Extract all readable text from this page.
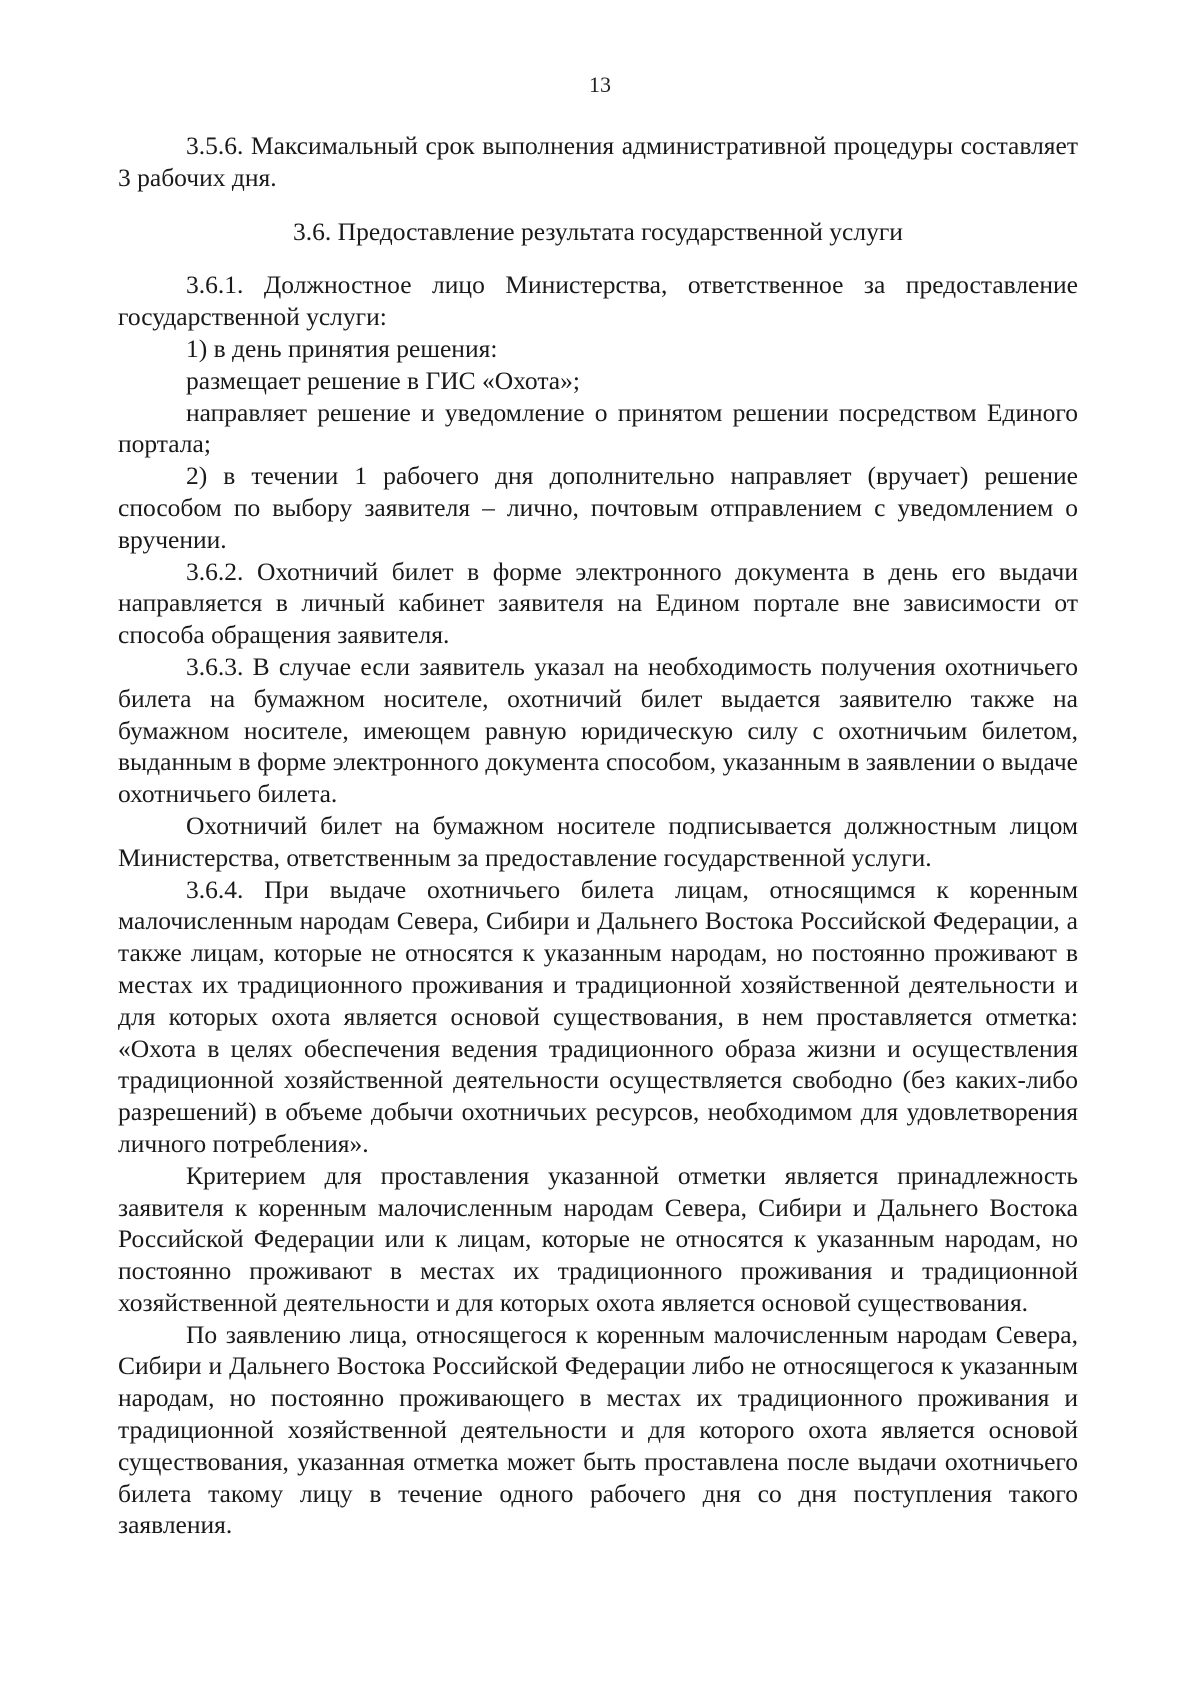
13

3.5.6. Максимальный срок выполнения административной процедуры составляет 3 рабочих дня.

3.6. Предоставление результата государственной услуги

3.6.1. Должностное лицо Министерства, ответственное за предоставление государственной услуги:

1) в день принятия решения:

размещает решение в ГИС «Охота»;

направляет решение и уведомление о принятом решении посредством Единого портала;

2) в течении 1 рабочего дня дополнительно направляет (вручает) решение способом по выбору заявителя – лично, почтовым отправлением с уведомлением о вручении.

3.6.2. Охотничий билет в форме электронного документа в день его выдачи направляется в личный кабинет заявителя на Едином портале вне зависимости от способа обращения заявителя.

3.6.3. В случае если заявитель указал на необходимость получения охотничьего билета на бумажном носителе, охотничий билет выдается заявителю также на бумажном носителе, имеющем равную юридическую силу с охотничьим билетом, выданным в форме электронного документа способом, указанным в заявлении о выдаче охотничьего билета.

Охотничий билет на бумажном носителе подписывается должностным лицом Министерства, ответственным за предоставление государственной услуги.

3.6.4. При выдаче охотничьего билета лицам, относящимся к коренным малочисленным народам Севера, Сибири и Дальнего Востока Российской Федерации, а также лицам, которые не относятся к указанным народам, но постоянно проживают в местах их традиционного проживания и традиционной хозяйственной деятельности и для которых охота является основой существования, в нем проставляется отметка: «Охота в целях обеспечения ведения традиционного образа жизни и осуществления традиционной хозяйственной деятельности осуществляется свободно (без каких-либо разрешений) в объеме добычи охотничьих ресурсов, необходимом для удовлетворения личного потребления».

Критерием для проставления указанной отметки является принадлежность заявителя к коренным малочисленным народам Севера, Сибири и Дальнего Востока Российской Федерации или к лицам, которые не относятся к указанным народам, но постоянно проживают в местах их традиционного проживания и традиционной хозяйственной деятельности и для которых охота является основой существования.

По заявлению лица, относящегося к коренным малочисленным народам Севера, Сибири и Дальнего Востока Российской Федерации либо не относящегося к указанным народам, но постоянно проживающего в местах их традиционного проживания и традиционной хозяйственной деятельности и для которого охота является основой существования, указанная отметка может быть проставлена после выдачи охотничьего билета такому лицу в течение одного рабочего дня со дня поступления такого заявления.
